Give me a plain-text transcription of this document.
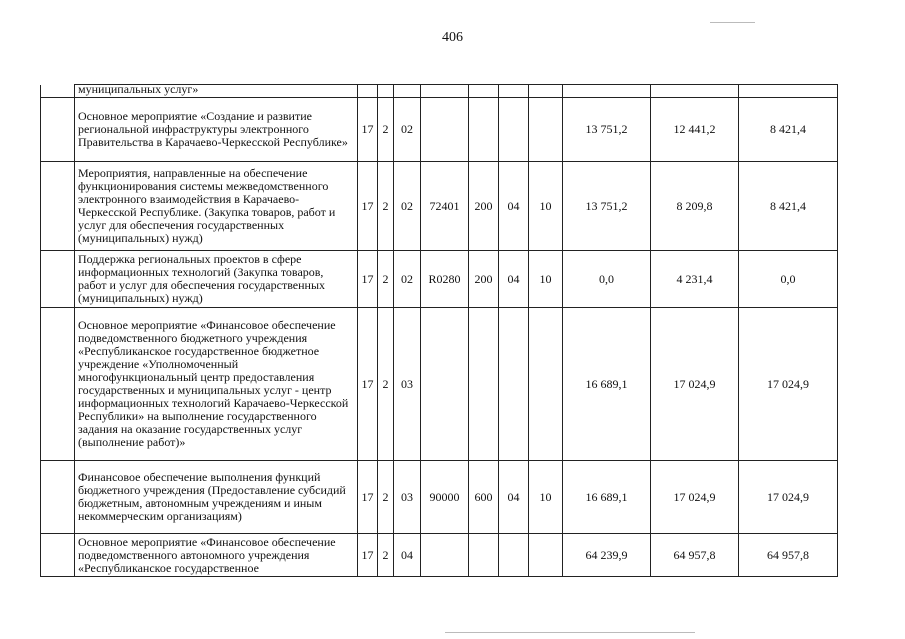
406

	муниципальных услуг»										

	Основное мероприятие «Создание и развитие региональной инфраструктуры электронного Правительства в Карачаево-Черкесской Республике»	17	2	02					13 751,2	12 441,2	8 421,4

	Мероприятия, направленные на обеспечение функционирования системы межведомственного электронного взаимодействия в Карачаево-Черкесской Республике. (Закупка товаров, работ и услуг для обеспечения государственных (муниципальных) нужд)	17	2	02	72401	200	04	10	13 751,2	8 209,8	8 421,4

	Поддержка региональных проектов в сфере информационных технологий (Закупка товаров, работ и услуг для обеспечения государственных (муниципальных) нужд)	17	2	02	R0280	200	04	10	0,0	4 231,4	0,0

	Основное мероприятие «Финансовое обеспечение подведомственного бюджетного учреждения «Республиканское государственное бюджетное учреждение «Уполномоченный многофункциональный центр предоставления государственных и муниципальных услуг - центр информационных технологий Карачаево-Черкесской Республики» на выполнение государственного задания на оказание государственных услуг (выполнение работ)»	17	2	03					16 689,1	17 024,9	17 024,9

	Финансовое обеспечение выполнения функций бюджетного учреждения (Предоставление субсидий бюджетным, автономным учреждениям и иным некоммерческим организациям)	17	2	03	90000	600	04	10	16 689,1	17 024,9	17 024,9

	Основное мероприятие «Финансовое обеспечение подведомственного автономного учреждения «Республиканское государственное	17	2	04					64 239,9	64 957,8	64 957,8
